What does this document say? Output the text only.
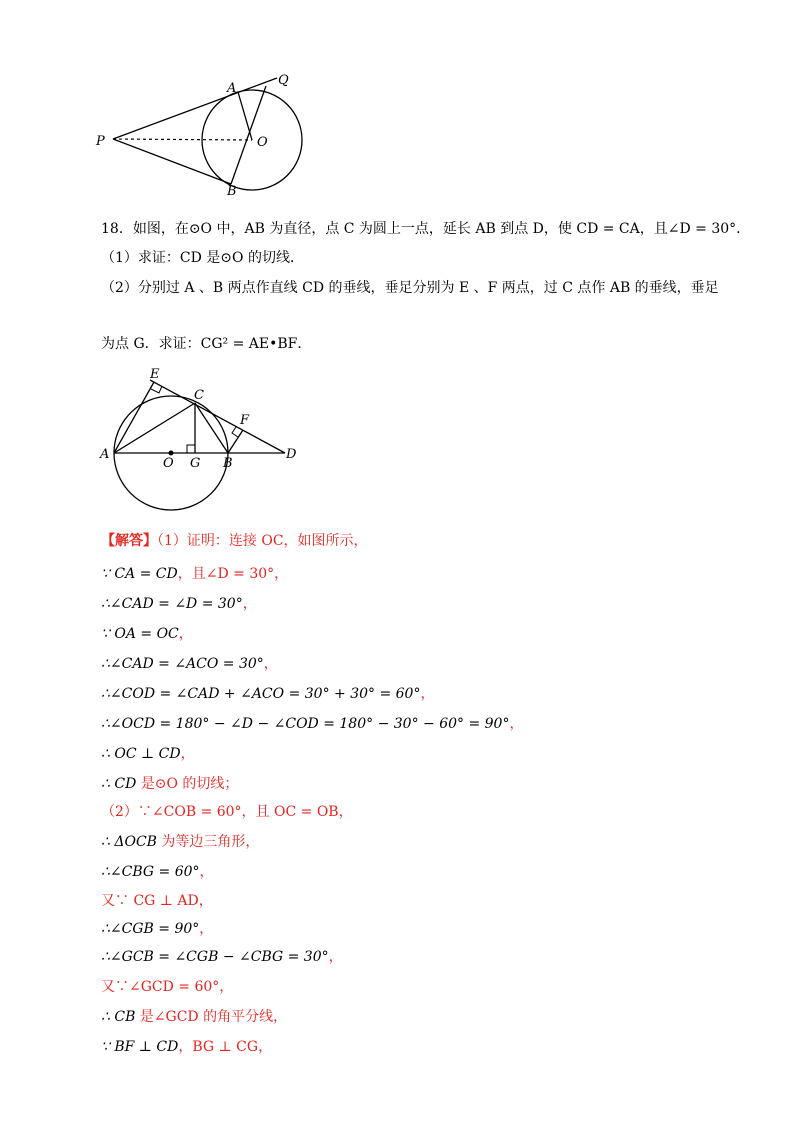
P
A
Q
O
B
18．如图，在⊙O 中，AB 为直径，点 C 为圆上一点，延长 AB 到点 D，使 CD = CA，且∠D = 30°．
（1）求证：CD 是⊙O 的切线．
（2）分别过 A 、B 两点作直线 CD 的垂线，垂足分别为 E 、F 两点，过 C 点作 AB 的垂线，垂足
为点 G．求证：CG² = AE•BF．
E
C
F
A
O G B
D
【解答】（1）证明：连接 OC，如图所示，
∵ CA = CD，且∠D = 30°，
∴∠CAD = ∠D = 30°，
∵ OA = OC，
∴∠CAD = ∠ACO = 30°，
∴∠COD = ∠CAD + ∠ACO = 30° + 30° = 60°，
∴∠OCD = 180° − ∠D − ∠COD = 180° − 30° − 60° = 90°，
∴ OC ⊥ CD，
∴ CD 是⊙O 的切线；
（2）∵∠COB = 60°，且 OC = OB，
∴ ΔOCB 为等边三角形，
∴∠CBG = 60°，
又∵ CG ⊥ AD，
∴∠CGB = 90°，
∴∠GCB = ∠CGB − ∠CBG = 30°，
又∵∠GCD = 60°，
∴ CB 是∠GCD 的角平分线，
∵ BF ⊥ CD，BG ⊥ CG，
